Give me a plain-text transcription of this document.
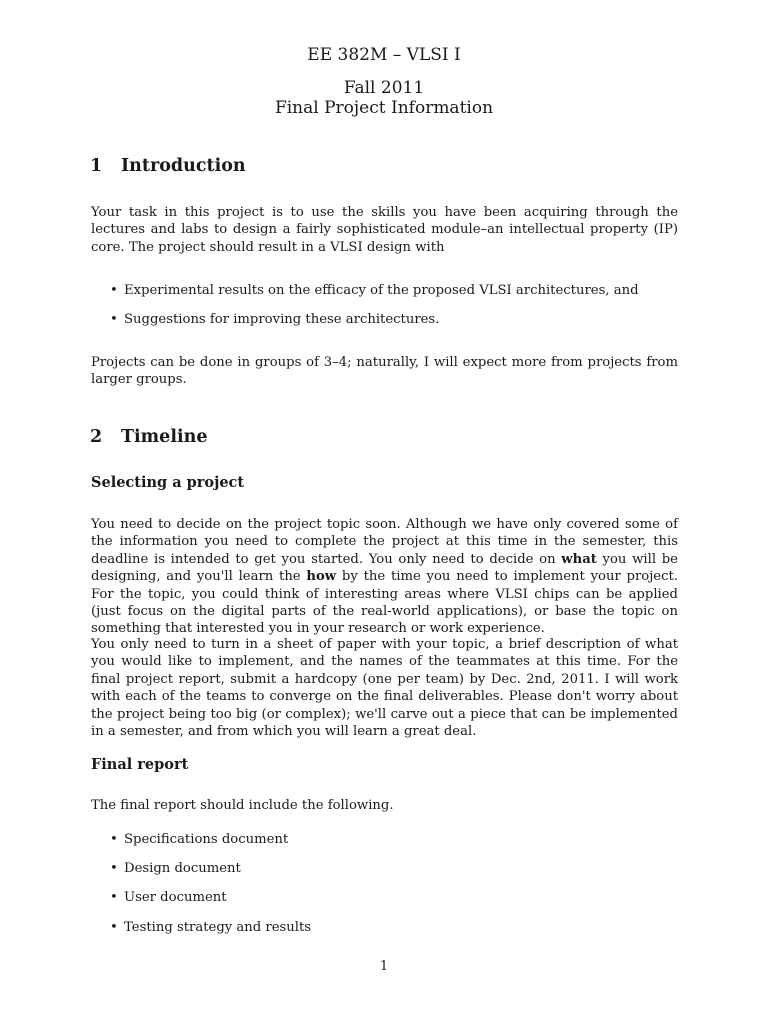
EE 382M – VLSI I
Fall 2011
Final Project Information
1 Introduction

Your task in this project is to use the skills you have been acquiring through the lectures and labs to design a fairly sophisticated module–an intellectual property (IP) core. The project should result in a VLSI design with

• Experimental results on the efficacy of the proposed VLSI architectures, and
• Suggestions for improving these architectures.

Projects can be done in groups of 3–4; naturally, I will expect more from projects from larger groups.

2 Timeline
Selecting a project

You need to decide on the project topic soon. Although we have only covered some of the information you need to complete the project at this time in the semester, this deadline is intended to get you started. You only need to decide on what you will be designing, and you'll learn the how by the time you need to implement your project. For the topic, you could think of interesting areas where VLSI chips can be applied (just focus on the digital parts of the real-world applications), or base the topic on something that interested you in your research or work experience.

You only need to turn in a sheet of paper with your topic, a brief description of what you would like to implement, and the names of the teammates at this time. For the final project report, submit a hardcopy (one per team) by Dec. 2nd, 2011. I will work with each of the teams to converge on the final deliverables. Please don't worry about the project being too big (or complex); we'll carve out a piece that can be implemented in a semester, and from which you will learn a great deal.

Final report

The final report should include the following.

• Specifications document
• Design document
• User document
• Testing strategy and results
1
